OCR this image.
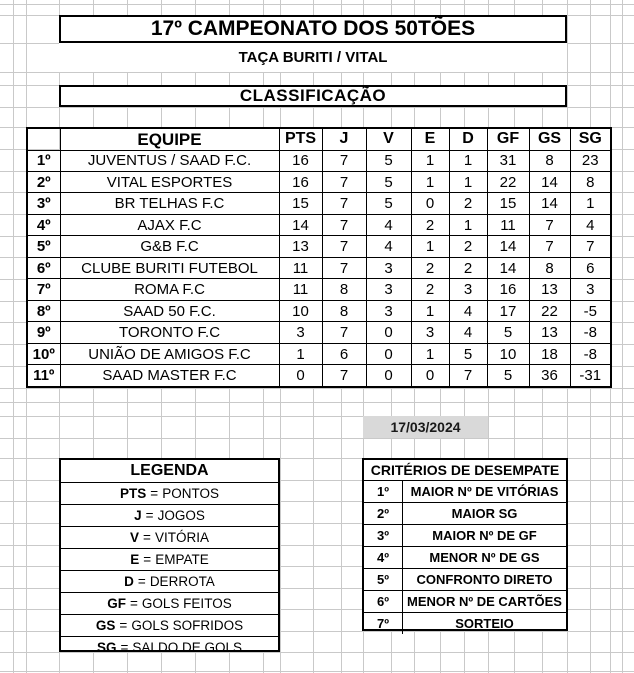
17º CAMPEONATO DOS 50TÕES
TAÇA BURITI / VITAL
CLASSIFICAÇÃO
	EQUIPE	PTS	J	V	E	D	GF	GS	SG
1º	JUVENTUS / SAAD F.C.	16	7	5	1	1	31	8	23
2º	VITAL ESPORTES	16	7	5	1	1	22	14	8
3º	BR TELHAS F.C	15	7	5	0	2	15	14	1
4º	AJAX F.C	14	7	4	2	1	11	7	4
5º	G&B F.C	13	7	4	1	2	14	7	7
6º	CLUBE BURITI FUTEBOL	11	7	3	2	2	14	8	6
7º	ROMA F.C	11	8	3	2	3	16	13	3
8º	SAAD 50 F.C.	10	8	3	1	4	17	22	-5
9º	TORONTO F.C	3	7	0	3	4	5	13	-8
10º	UNIÃO DE AMIGOS F.C	1	6	0	1	5	10	18	-8
11º	SAAD MASTER F.C	0	7	0	0	7	5	36	-31
17/03/2024
LEGENDA
PTS = PONTOS
J = JOGOS
V = VITÓRIA
E = EMPATE
D = DERROTA
GF = GOLS FEITOS
GS = GOLS SOFRIDOS
SG = SALDO DE GOLS
CRITÉRIOS DE DESEMPATE
1º	MAIOR Nº DE VITÓRIAS
2º	MAIOR SG
3º	MAIOR Nº DE GF
4º	MENOR Nº DE GS
5º	CONFRONTO DIRETO
6º	MENOR Nº DE CARTÕES
7º	SORTEIO
